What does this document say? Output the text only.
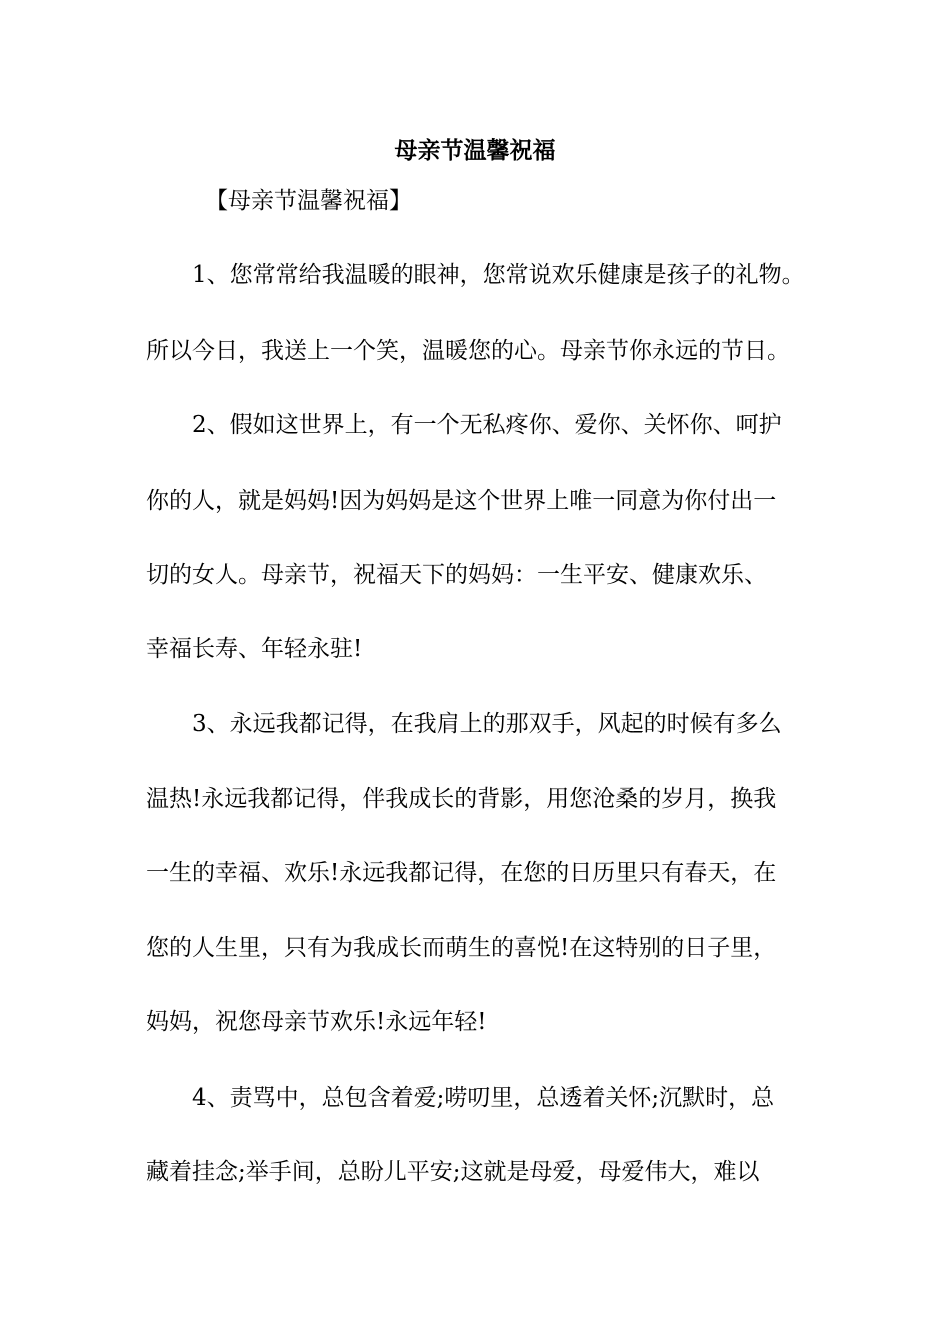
母亲节温馨祝福
【母亲节温馨祝福】
1、您常常给我温暖的眼神，您常说欢乐健康是孩子的礼物。
所以今日，我送上一个笑，温暖您的心。母亲节你永远的节日。
2、假如这世界上，有一个无私疼你、爱你、关怀你、呵护
你的人，就是妈妈!因为妈妈是这个世界上唯一同意为你付出一
切的女人。母亲节，祝福天下的妈妈：一生平安、健康欢乐、
幸福长寿、年轻永驻!
3、永远我都记得，在我肩上的那双手，风起的时候有多么
温热!永远我都记得，伴我成长的背影，用您沧桑的岁月，换我
一生的幸福、欢乐!永远我都记得，在您的日历里只有春天，在
您的人生里，只有为我成长而萌生的喜悦!在这特别的日子里，
妈妈，祝您母亲节欢乐!永远年轻!
4、责骂中，总包含着爱;唠叨里，总透着关怀;沉默时，总
藏着挂念;举手间，总盼儿平安;这就是母爱，母爱伟大，难以
